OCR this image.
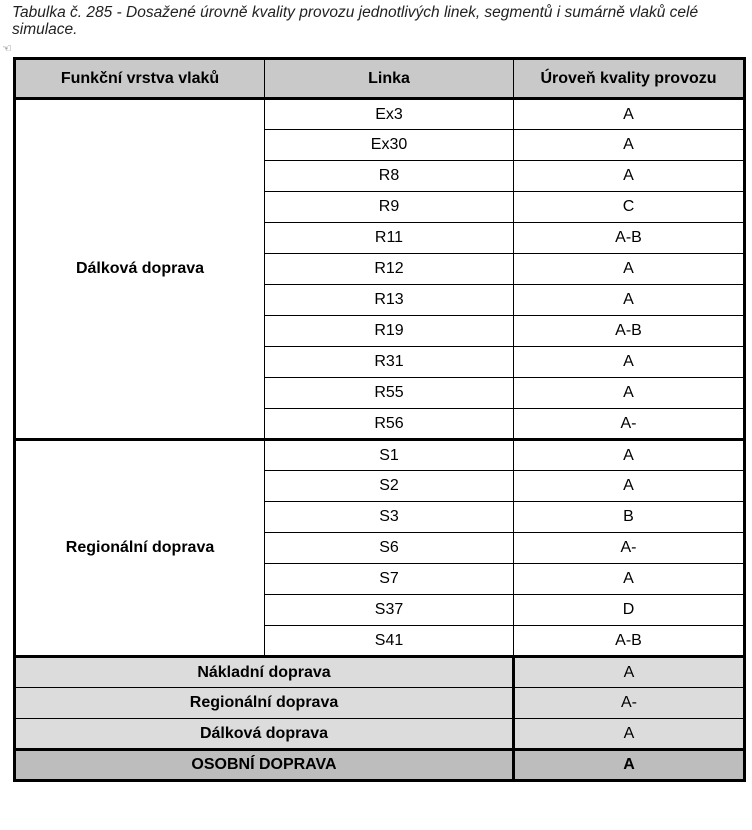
Tabulka č. 285 - Dosažené úrovně kvality provozu jednotlivých linek, segmentů i sumárně vlaků celé simulace.
☜
Funkční vrstva vlaků	Linka	Úroveň kvality provozu
Dálková doprava	Ex3	A
	Ex30	A
	R8	A
	R9	C
	R11	A-B
	R12	A
	R13	A
	R19	A-B
	R31	A
	R55	A
	R56	A-
Regionální doprava	S1	A
	S2	A
	S3	B
	S6	A-
	S7	A
	S37	D
	S41	A-B
Nákladní doprava		A
Regionální doprava		A-
Dálková doprava		A
OSOBNÍ DOPRAVA		A
